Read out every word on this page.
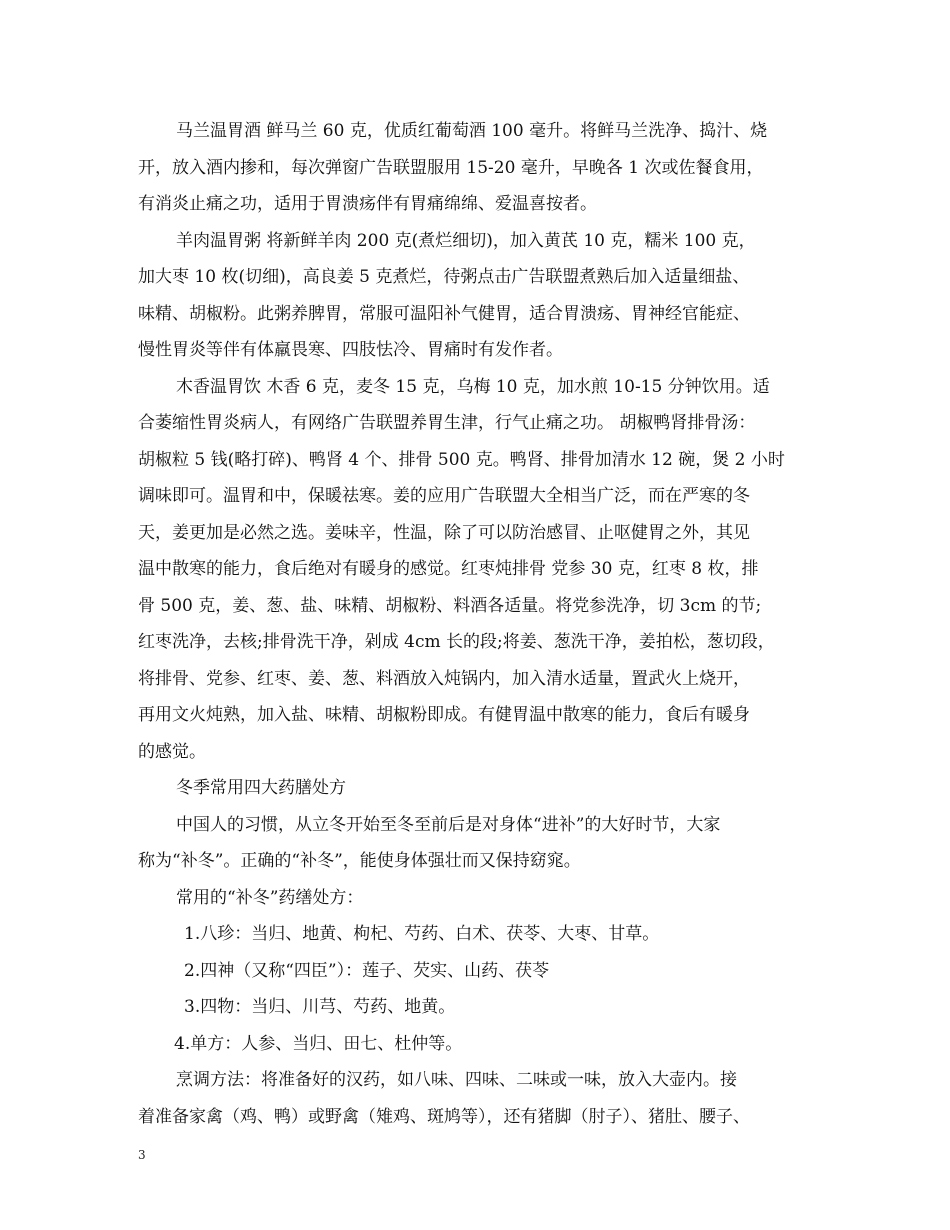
马兰温胃酒 鲜马兰 60 克，优质红葡萄酒 100 毫升。将鲜马兰洗净、捣汁、烧
开，放入酒内掺和，每次弹窗广告联盟服用 15-20 毫升，早晚各 1 次或佐餐食用，
有消炎止痛之功，适用于胃溃疡伴有胃痛绵绵、爱温喜按者。
羊肉温胃粥 将新鲜羊肉 200 克(煮烂细切)，加入黄芪 10 克，糯米 100 克，
加大枣 10 枚(切细)，高良姜 5 克煮烂，待粥点击广告联盟煮熟后加入适量细盐、
味精、胡椒粉。此粥养脾胃，常服可温阳补气健胃，适合胃溃疡、胃神经官能症、
慢性胃炎等伴有体羸畏寒、四肢怯冷、胃痛时有发作者。
木香温胃饮 木香 6 克，麦冬 15 克，乌梅 10 克，加水煎 10-15 分钟饮用。适
合萎缩性胃炎病人，有网络广告联盟养胃生津，行气止痛之功。 胡椒鸭肾排骨汤：
胡椒粒 5 钱(略打碎)、鸭肾 4 个、排骨 500 克。鸭肾、排骨加清水 12 碗，煲 2 小时
调味即可。温胃和中，保暖祛寒。姜的应用广告联盟大全相当广泛，而在严寒的冬
天，姜更加是必然之选。姜味辛，性温，除了可以防治感冒、止呕健胃之外，其见
温中散寒的能力，食后绝对有暖身的感觉。红枣炖排骨 党参 30 克，红枣 8 枚，排
骨 500 克，姜、葱、盐、味精、胡椒粉、料酒各适量。将党参洗净，切 3cm 的节;
红枣洗净，去核;排骨洗干净，剁成 4cm 长的段;将姜、葱洗干净，姜拍松，葱切段，
将排骨、党参、红枣、姜、葱、料酒放入炖锅内，加入清水适量，置武火上烧开，
再用文火炖熟，加入盐、味精、胡椒粉即成。有健胃温中散寒的能力，食后有暖身
的感觉。
冬季常用四大药膳处方
中国人的习惯，从立冬开始至冬至前后是对身体“进补”的大好时节，大家
称为“补冬”。正确的“补冬”，能使身体强壮而又保持窈窕。
常用的“补冬”药缮处方：
1.八珍：当归、地黄、枸杞、芍药、白术、茯苓、大枣、甘草。
2.四神（又称“四臣”）：莲子、芡实、山药、茯苓
3.四物：当归、川芎、芍药、地黄。
4.单方：人参、当归、田七、杜仲等。
烹调方法：将准备好的汉药，如八味、四味、二味或一味，放入大壶内。接
着准备家禽（鸡、鸭）或野禽（雉鸡、斑鸠等），还有猪脚（肘子）、猪肚、腰子、
3
